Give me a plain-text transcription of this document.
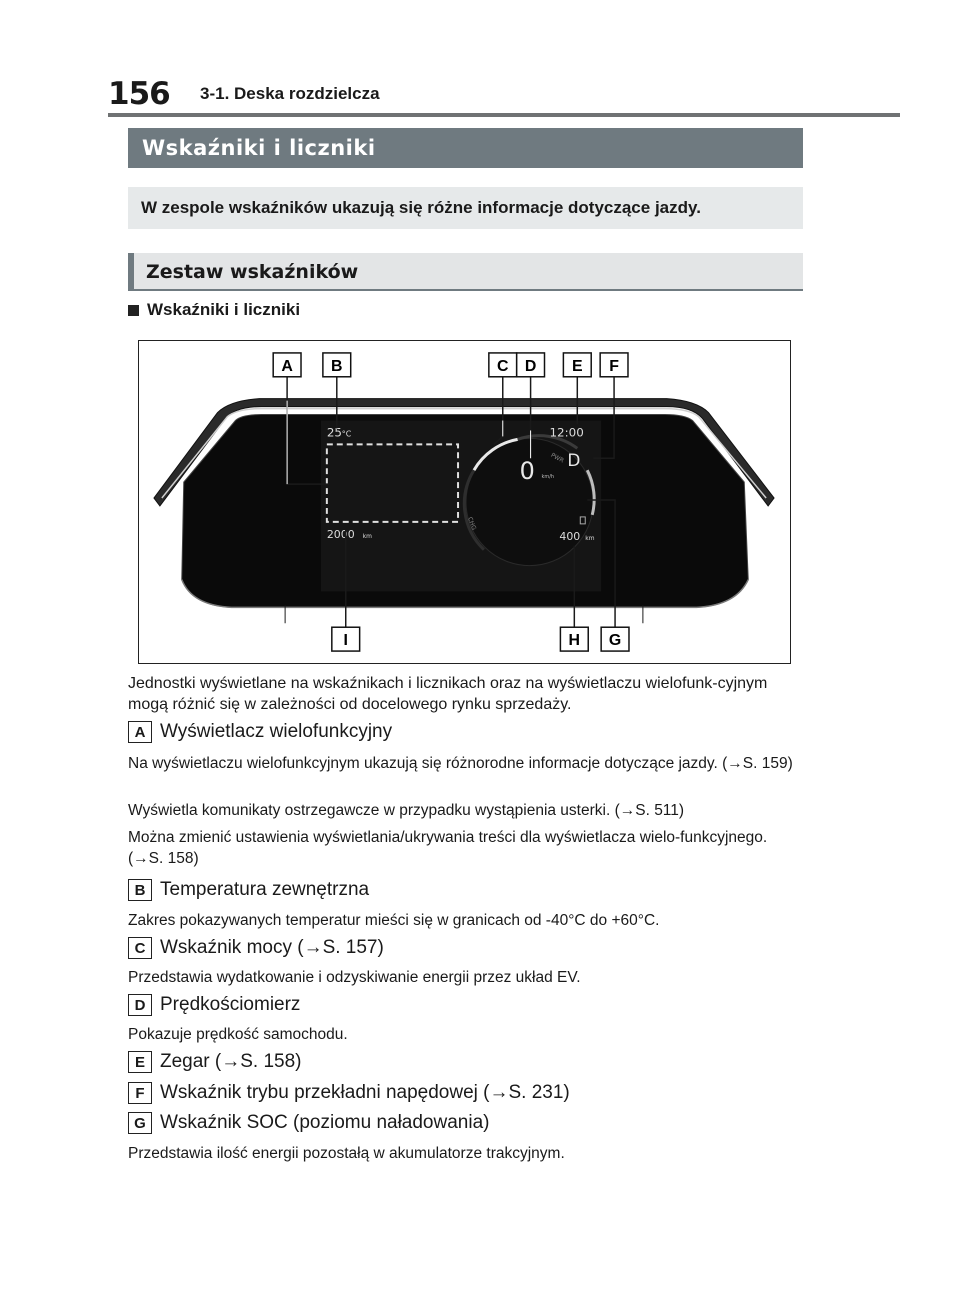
156 3-1. Deska rozdzielcza
Wskaźniki i liczniki
W zespole wskaźników ukazują się różne informacje dotyczące jazdy.
Zestaw wskaźników
Wskaźniki i liczniki
25 °C
2000 km
PWR
CHG
0 km/h
D
12:00
400 km
A B	C D E F
I	H G
Jednostki wyświetlane na wskaźnikach i licznikach oraz na wyświetlaczu wielofunk-cyjnym mogą różnić się w zależności od docelowego rynku sprzedaży.
A Wyświetlacz wielofunkcyjny
Na wyświetlaczu wielofunkcyjnym ukazują się różnorodne informacje dotyczące jazdy. (→S. 159)
Wyświetla komunikaty ostrzegawcze w przypadku wystąpienia usterki. (→S. 511)
Można zmienić ustawienia wyświetlania/ukrywania treści dla wyświetlacza wielo-funkcyjnego. (→S. 158)
B Temperatura zewnętrzna
Zakres pokazywanych temperatur mieści się w granicach od -40°C do +60°C.
C Wskaźnik mocy (→S. 157)
Przedstawia wydatkowanie i odzyskiwanie energii przez układ EV.
D Prędkościomierz
Pokazuje prędkość samochodu.
E Zegar (→S. 158)
F Wskaźnik trybu przekładni napędowej (→S. 231)
G Wskaźnik SOC (poziomu naładowania)
Przedstawia ilość energii pozostałą w akumulatorze trakcyjnym.
